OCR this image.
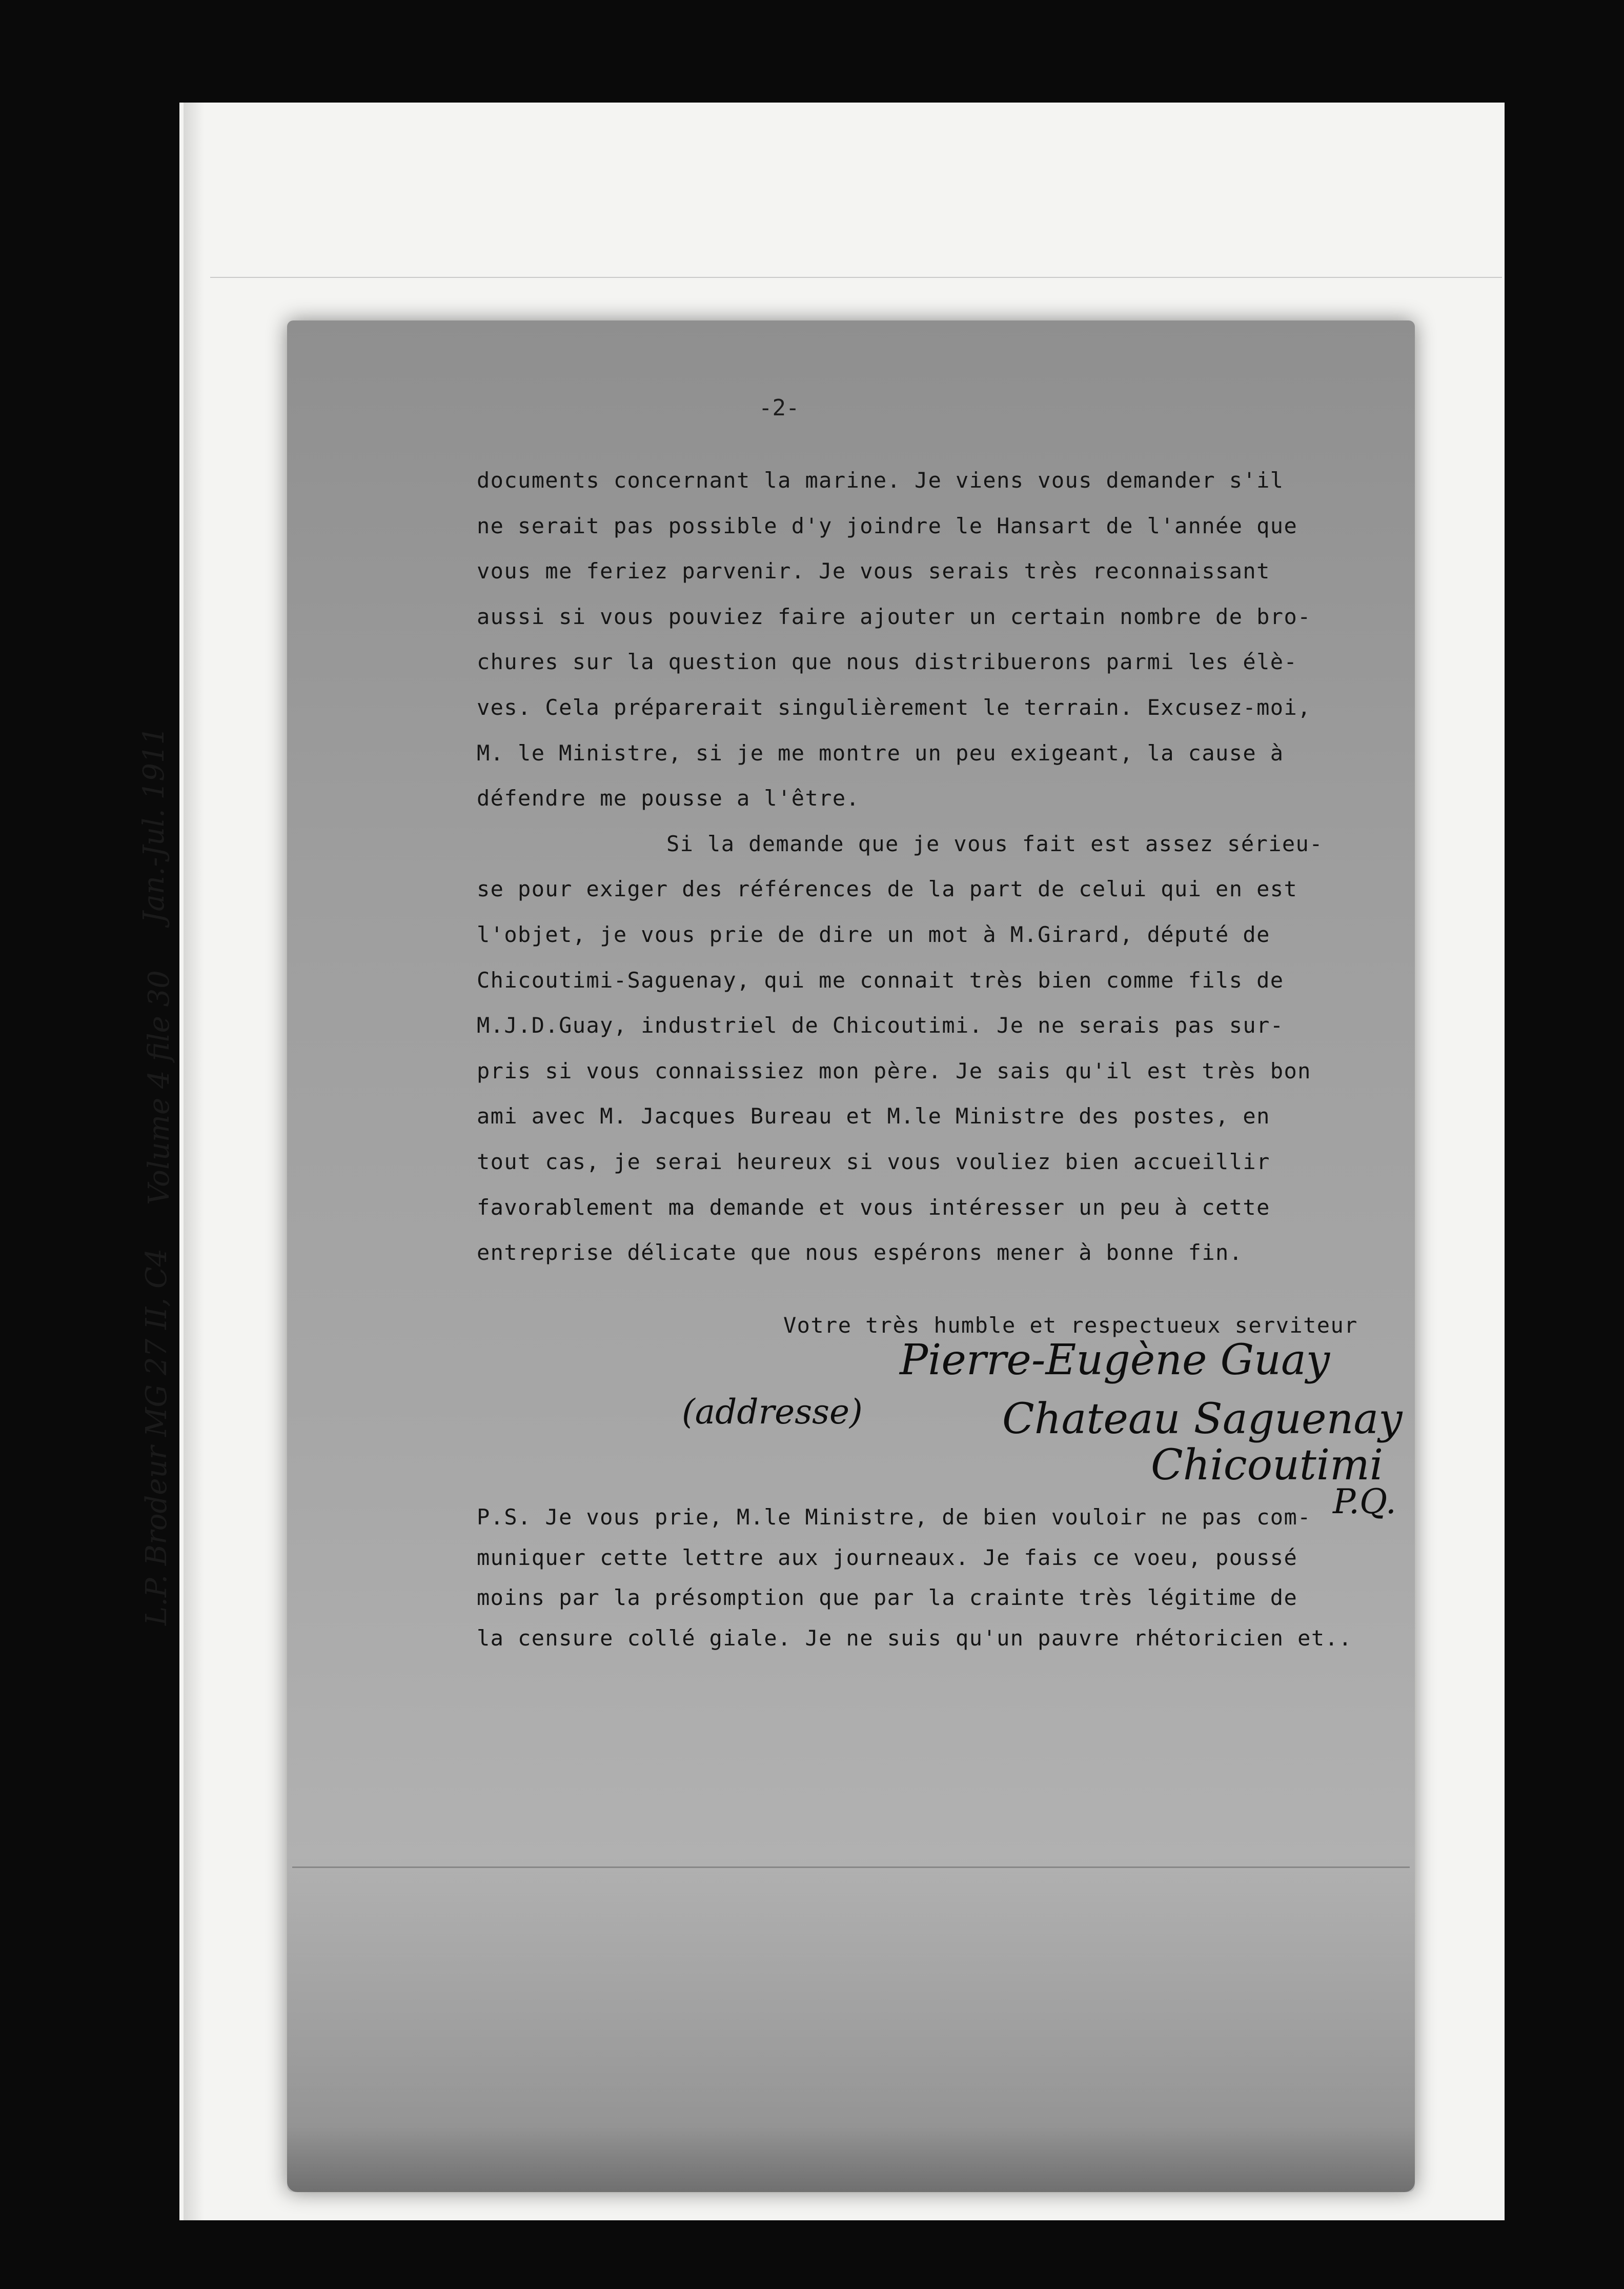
Jan.-Jul. 1911
Volume 4 file 30
L.P. Brodeur MG 27 II, C4
-2-
documents concernant la marine. Je viens vous demander s'il
ne serait pas possible d'y joindre le Hansart de l'année que
vous me feriez parvenir. Je vous serais très reconnaissant
aussi si vous pouviez faire ajouter un certain nombre de bro-
chures sur la question que nous distribuerons parmi les élè-
ves. Cela préparerait singulièrement le terrain. Excusez-moi,
M. le Ministre, si je me montre un peu exigeant, la cause à
défendre me pousse a l'être.
Si la demande que je vous fait est assez sérieu-
se pour exiger des références de la part de celui qui en est
l'objet, je vous prie de dire un mot à M.Girard, député de
Chicoutimi-Saguenay, qui me connait très bien comme fils de
M.J.D.Guay, industriel de Chicoutimi. Je ne serais pas sur-
pris si vous connaissiez mon père. Je sais qu'il est très bon
ami avec M. Jacques Bureau et M.le Ministre des postes, en
tout cas, je serai heureux si vous vouliez bien accueillir
favorablement ma demande et vous intéresser un peu à cette
entreprise délicate que nous espérons mener à bonne fin.
Votre très humble et respectueux serviteur
Pierre-Eugène Guay
(addresse)	Chateau Saguenay
Chicoutimi
P.Q.
P.S. Je vous prie, M.le Ministre, de bien vouloir ne pas com-
muniquer cette lettre aux journeaux. Je fais ce voeu, poussé
moins par la présomption que par la crainte très légitime de
la censure collé giale. Je ne suis qu'un pauvre rhétoricien et..
